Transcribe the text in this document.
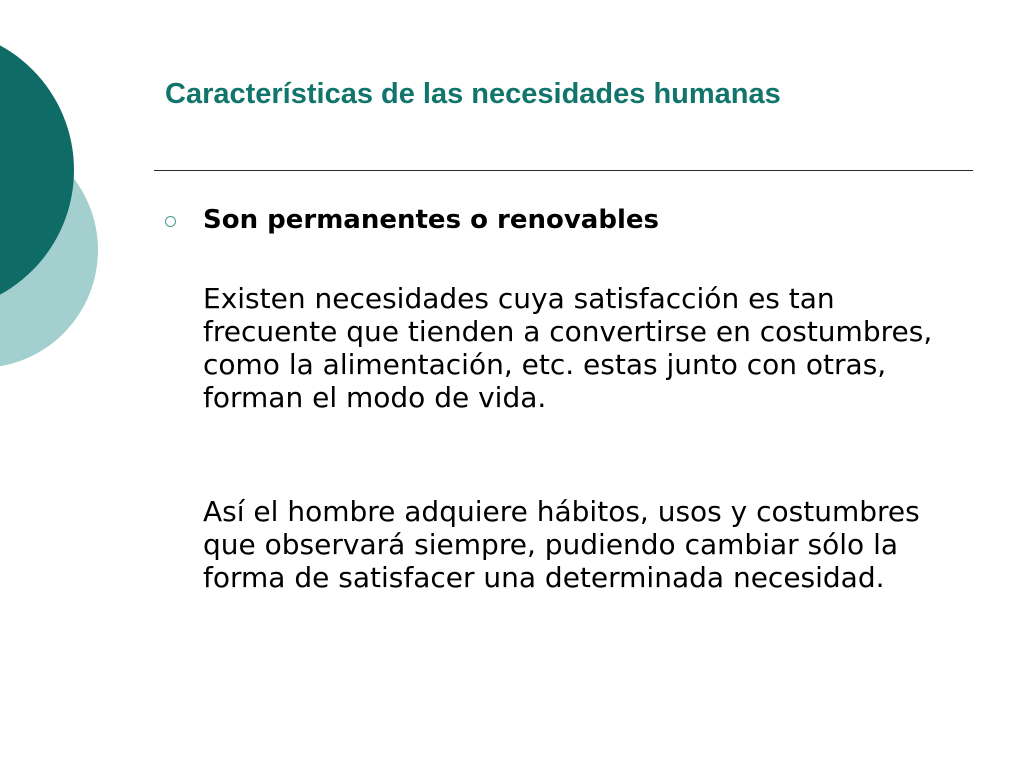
Características de las necesidades humanas

Son permanentes o renovables

Existen necesidades cuya satisfacción es tan frecuente que tienden a convertirse en costumbres, como la alimentación, etc. estas junto con otras, forman el modo de vida.

Así el hombre adquiere hábitos, usos y costumbres que observará siempre, pudiendo cambiar sólo la forma de satisfacer una determinada necesidad.
